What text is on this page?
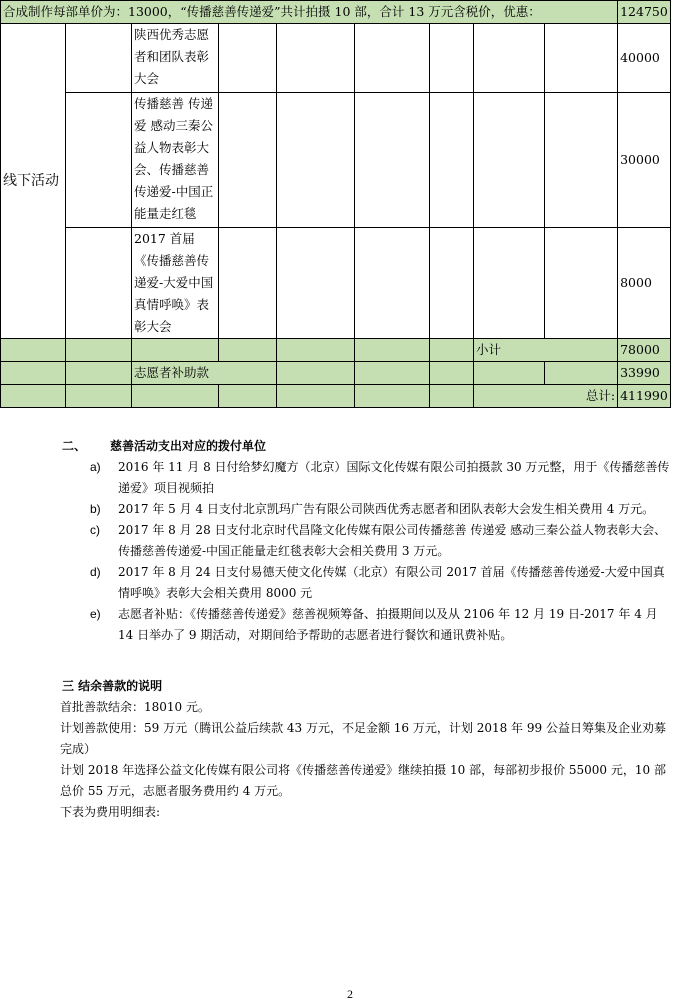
合成制作每部单价为：13000，“传播慈善传递爱”共计拍摄 10 部，合计 13 万元含税价，优惠：									124750
线下活动		陕西优秀志愿者和团队表彰大会							40000
		传播慈善 传递爱 感动三秦公益人物表彰大会、传播慈善传递爱-中国正能量走红毯							30000
		2017 首届《传播慈善传递爱-大爱中国真情呼唤》表彰大会							8000
							小计		78000
		志愿者补助款							33990
							总计:		411990
二、 慈善活动支出对应的拨付单位
a) 2016 年 11 月 8 日付给梦幻魔方（北京）国际文化传媒有限公司拍摄款 30 万元整，用于《传播慈善传递爱》项目视频拍
b) 2017 年 5 月 4 日支付北京凯玛广告有限公司陕西优秀志愿者和团队表彰大会发生相关费用 4 万元。
c) 2017 年 8 月 28 日支付北京时代昌隆文化传媒有限公司传播慈善 传递爱 感动三秦公益人物表彰大会、传播慈善传递爱-中国正能量走红毯表彰大会相关费用 3 万元。
d) 2017 年 8 月 24 日支付易德天使文化传媒（北京）有限公司 2017 首届《传播慈善传递爱-大爱中国真情呼唤》表彰大会相关费用 8000 元
e) 志愿者补贴：《传播慈善传递爱》慈善视频筹备、拍摄期间以及从 2106 年 12 月 19 日-2017 年 4 月 14 日举办了 9 期活动，对期间给予帮助的志愿者进行餐饮和通讯费补贴。
三 结余善款的说明

首批善款结余：18010 元。

计划善款使用：59 万元（腾讯公益后续款 43 万元，不足金额 16 万元，计划 2018 年 99 公益日筹集及企业劝募完成）

计划 2018 年选择公益文化传媒有限公司将《传播慈善传递爱》继续拍摄 10 部，每部初步报价 55000 元，10 部总价 55 万元，志愿者服务费用约 4 万元。

下表为费用明细表:

2
